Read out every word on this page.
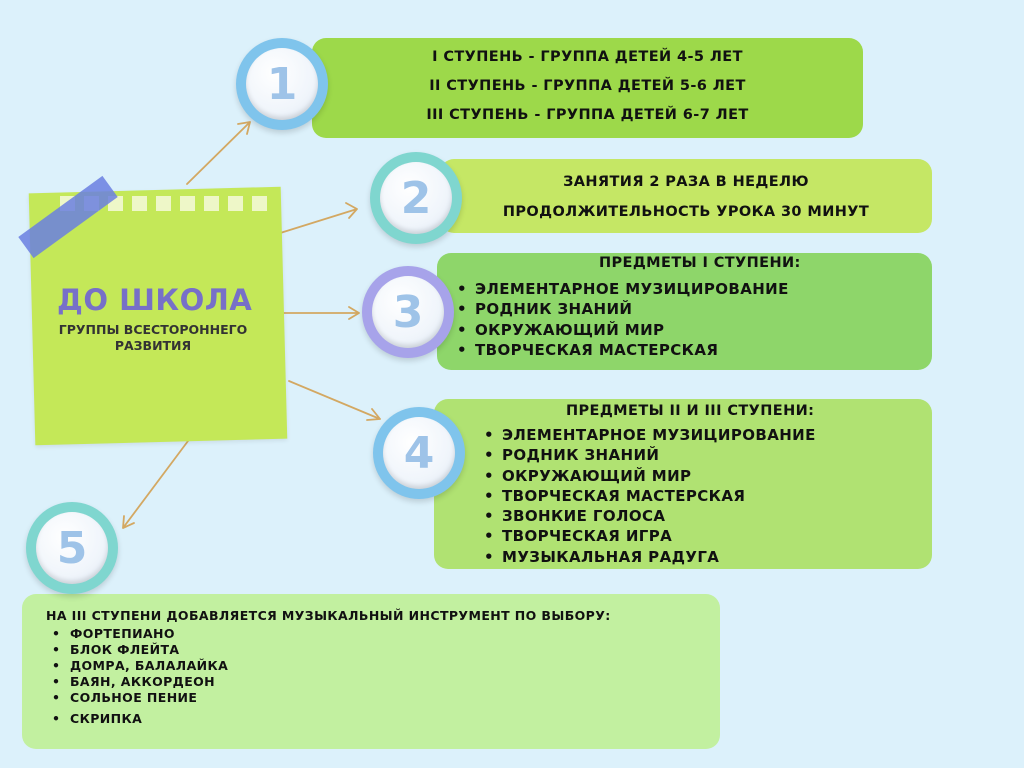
ДО ШКОЛА
ГРУППЫ ВСЕСТОРОННЕГО РАЗВИТИЯ
I СТУПЕНЬ - ГРУППА ДЕТЕЙ 4-5 ЛЕТ
II СТУПЕНЬ - ГРУППА ДЕТЕЙ 5-6 ЛЕТ
III СТУПЕНЬ - ГРУППА ДЕТЕЙ 6-7 ЛЕТ
ЗАНЯТИЯ 2 РАЗА В НЕДЕЛЮ
ПРОДОЛЖИТЕЛЬНОСТЬ УРОКА 30 МИНУТ
ПРЕДМЕТЫ I СТУПЕНИ:
• ЭЛЕМЕНТАРНОЕ МУЗИЦИРОВАНИЕ
• РОДНИК ЗНАНИЙ
• ОКРУЖАЮЩИЙ МИР
• ТВОРЧЕСКАЯ МАСТЕРСКАЯ
ПРЕДМЕТЫ II И III СТУПЕНИ:
• ЭЛЕМЕНТАРНОЕ МУЗИЦИРОВАНИЕ
• РОДНИК ЗНАНИЙ
• ОКРУЖАЮЩИЙ МИР
• ТВОРЧЕСКАЯ МАСТЕРСКАЯ
• ЗВОНКИЕ ГОЛОСА
• ТВОРЧЕСКАЯ ИГРА
• МУЗЫКАЛЬНАЯ РАДУГА
НА III СТУПЕНИ ДОБАВЛЯЕТСЯ МУЗЫКАЛЬНЫЙ ИНСТРУМЕНТ ПО ВЫБОРУ:
• ФОРТЕПИАНО
• БЛОК ФЛЕЙТА
• ДОМРА, БАЛАЛАЙКА
• БАЯН, АККОРДЕОН
• СОЛЬНОЕ ПЕНИЕ
• СКРИПКА
1
2
3
4
5
